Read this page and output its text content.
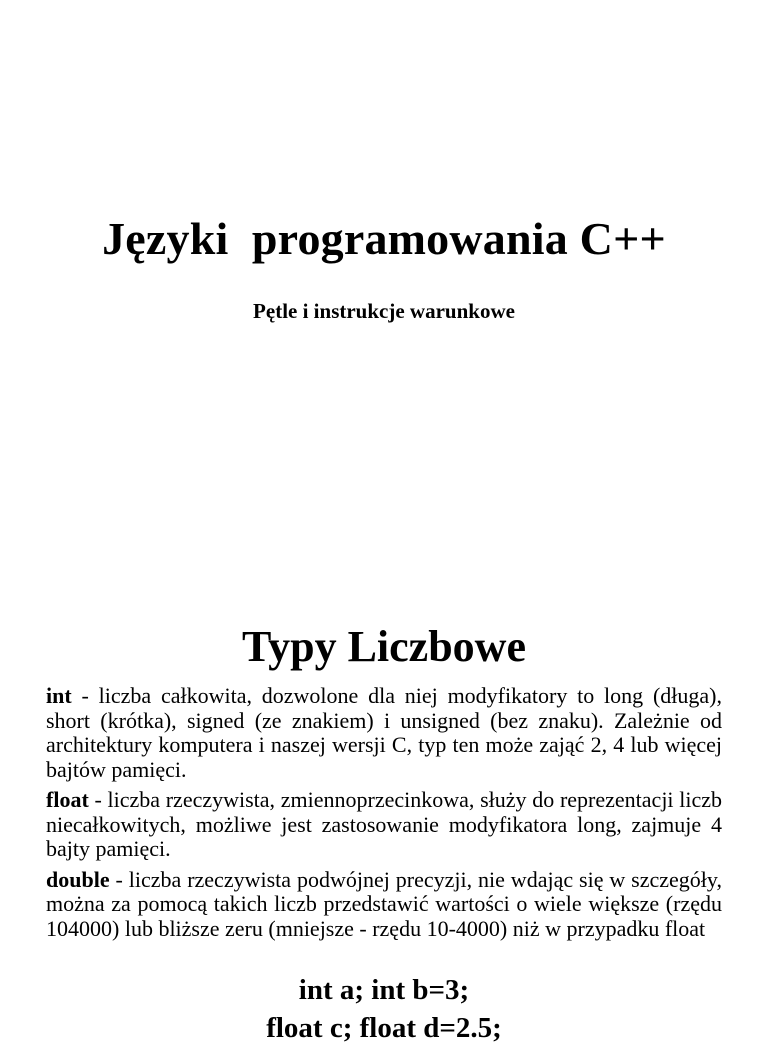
Języki  programowania C++
Pętle i instrukcje warunkowe
Typy Liczbowe

int - liczba całkowita, dozwolone dla niej modyfikatory to long (długa), short (krótka), signed (ze znakiem) i unsigned (bez znaku). Zależnie od architektury komputera i naszej wersji C, typ ten może zająć 2, 4 lub więcej bajtów pamięci.

float - liczba rzeczywista, zmiennoprzecinkowa, służy do reprezentacji liczb niecałkowitych, możliwe jest zastosowanie modyfikatora long, zajmuje 4 bajty pamięci.

double - liczba rzeczywista podwójnej precyzji, nie wdając się w szczegóły, można za pomocą takich liczb przedstawić wartości o wiele większe (rzędu 104000) lub bliższe zeru (mniejsze - rzędu 10-4000) niż w przypadku float

int a; int b=3;

float c; float d=2.5;
